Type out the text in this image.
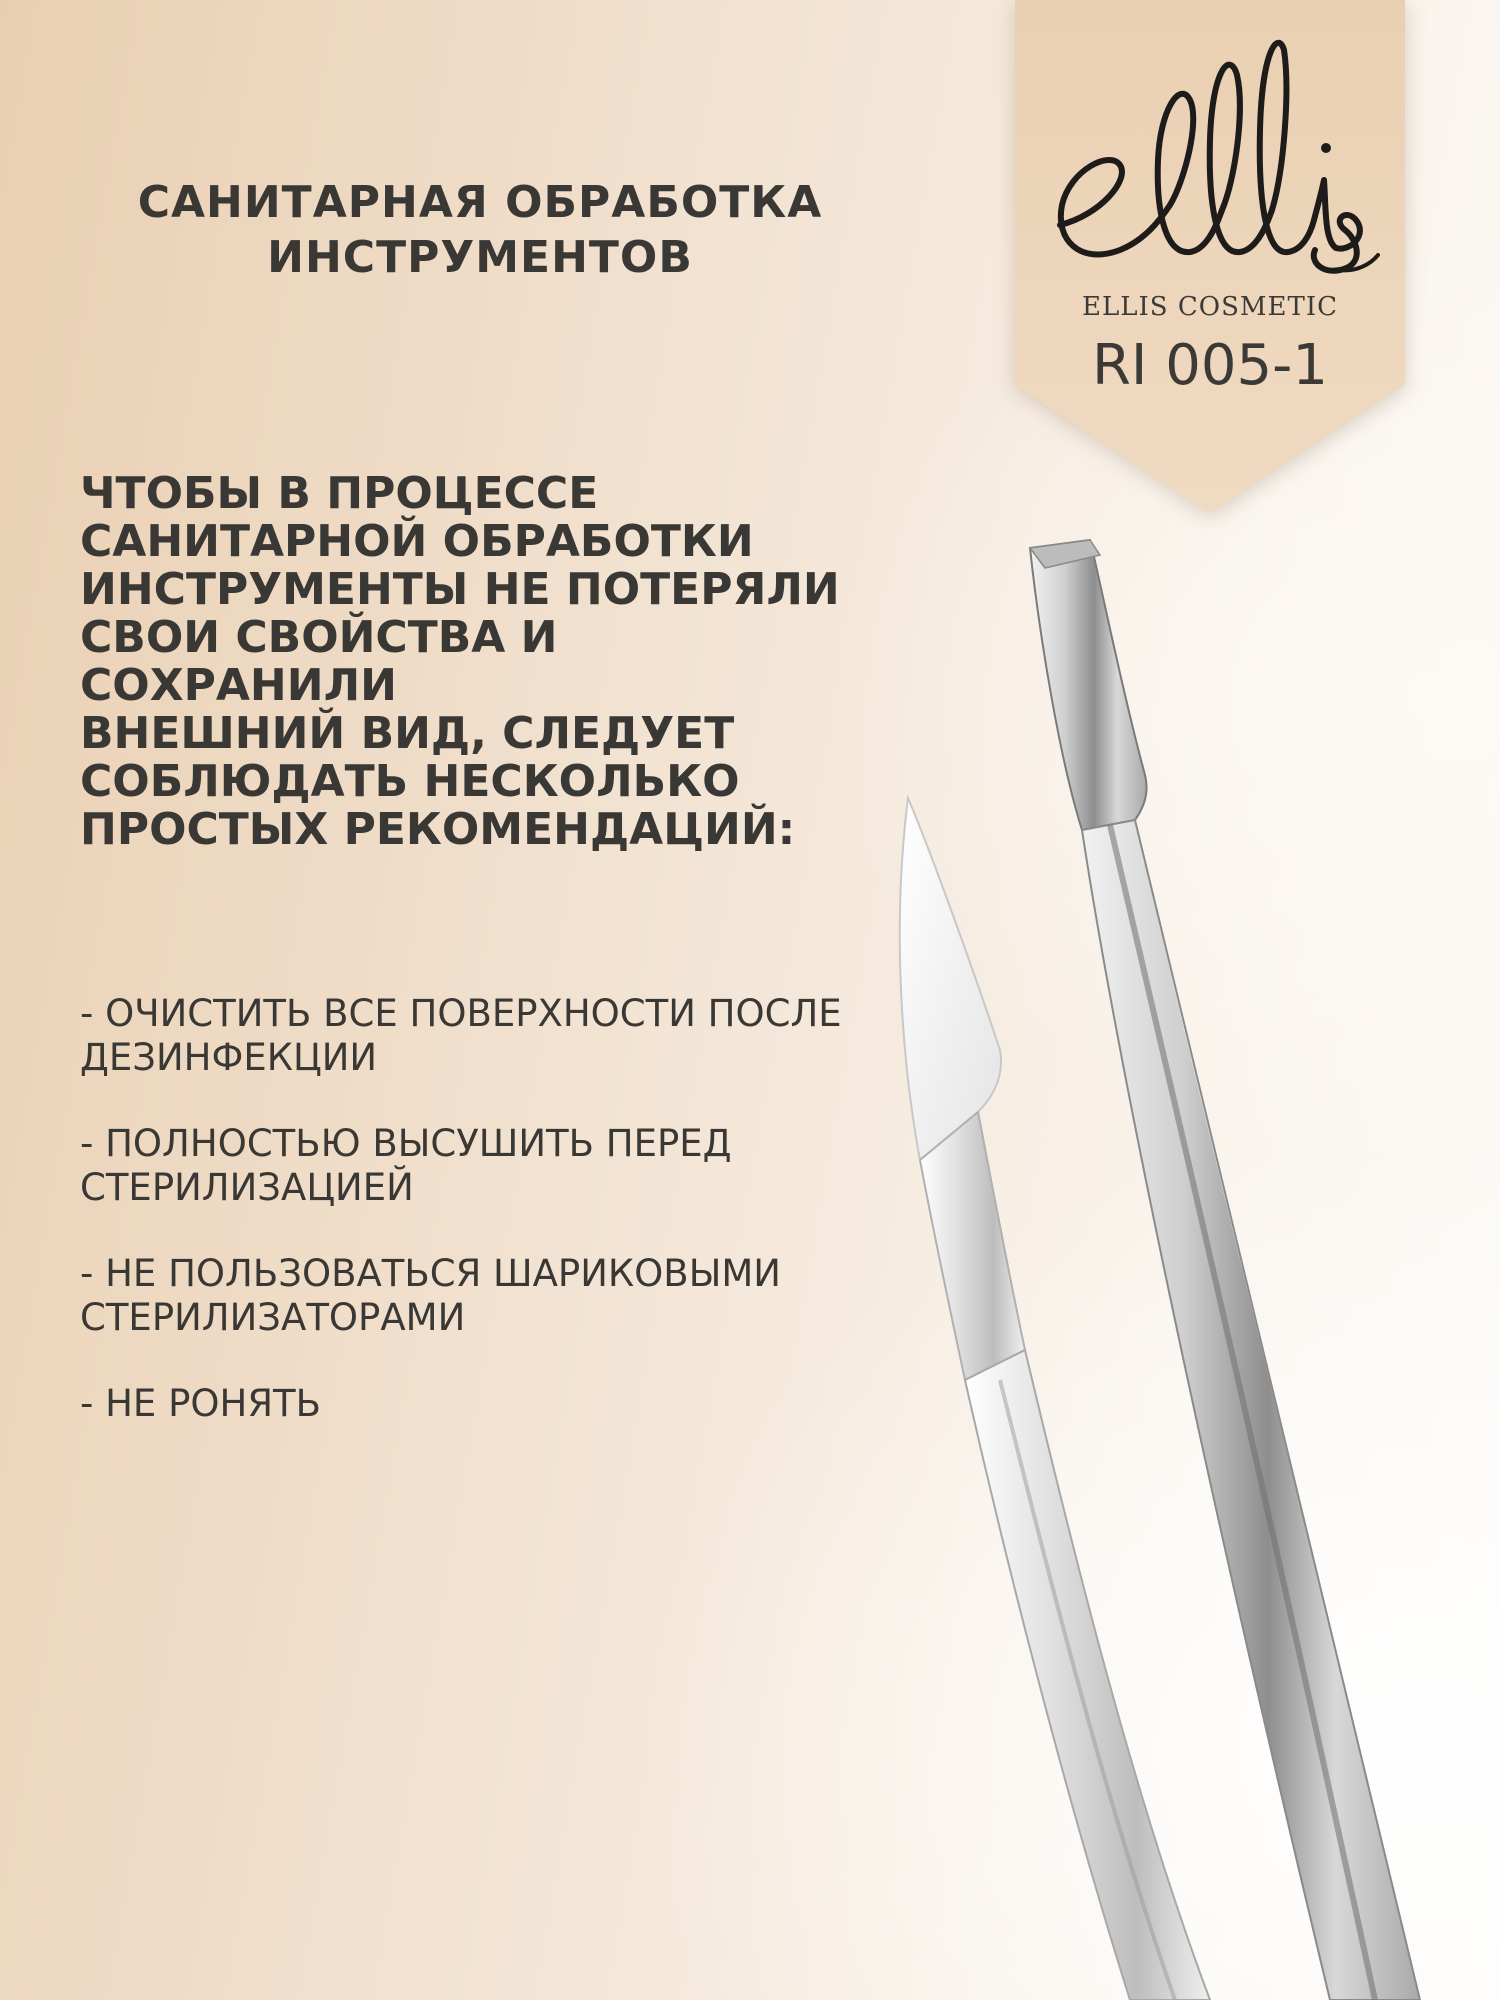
САНИТАРНАЯ ОБРАБОТКА
ИНСТРУМЕНТОВ

ЧТОБЫ В ПРОЦЕССЕ
САНИТАРНОЙ ОБРАБОТКИ
ИНСТРУМЕНТЫ НЕ ПОТЕРЯЛИ
СВОИ СВОЙСТВА И СОХРАНИЛИ
ВНЕШНИЙ ВИД, СЛЕДУЕТ
СОБЛЮДАТЬ НЕСКОЛЬКО
ПРОСТЫХ РЕКОМЕНДАЦИЙ:

- ОЧИСТИТЬ ВСЕ ПОВЕРХНОСТИ ПОСЛЕ
ДЕЗИНФЕКЦИИ
- ПОЛНОСТЬЮ ВЫСУШИТЬ ПЕРЕД
СТЕРИЛИЗАЦИЕЙ
- НЕ ПОЛЬЗОВАТЬСЯ ШАРИКОВЫМИ
СТЕРИЛИЗАТОРАМИ
- НЕ РОНЯТЬ
ELLIS COSMETIC
RI 005-1
